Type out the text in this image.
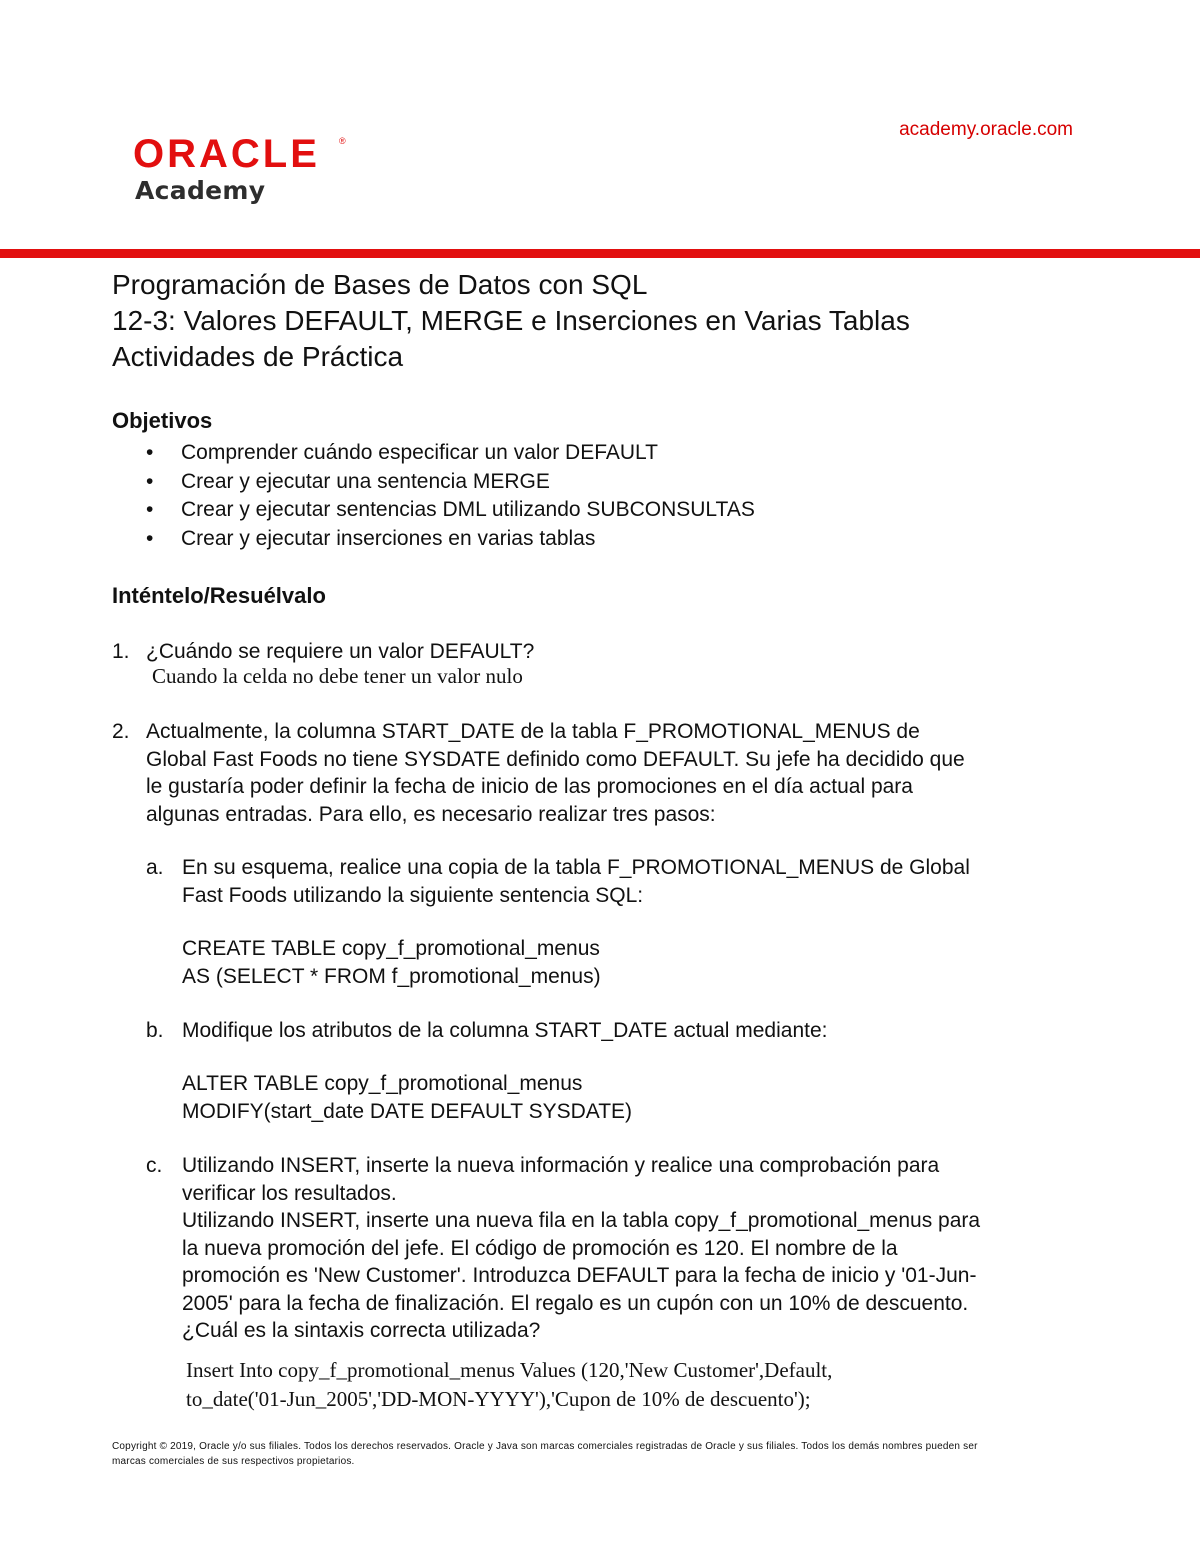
ORACLE ®
Academy
academy.oracle.com
Programación de Bases de Datos con SQL
12-3: Valores DEFAULT, MERGE e Inserciones en Varias Tablas
Actividades de Práctica
Objetivos
• Comprender cuándo especificar un valor DEFAULT
• Crear y ejecutar una sentencia MERGE
• Crear y ejecutar sentencias DML utilizando SUBCONSULTAS
• Crear y ejecutar inserciones en varias tablas
Inténtelo/Resuélvalo
1. ¿Cuándo se requiere un valor DEFAULT?
Cuando la celda no debe tener un valor nulo
2. Actualmente, la columna START_DATE de la tabla F_PROMOTIONAL_MENUS de
Global Fast Foods no tiene SYSDATE definido como DEFAULT. Su jefe ha decidido que
le gustaría poder definir la fecha de inicio de las promociones en el día actual para
algunas entradas. Para ello, es necesario realizar tres pasos:
a. En su esquema, realice una copia de la tabla F_PROMOTIONAL_MENUS de Global
Fast Foods utilizando la siguiente sentencia SQL:
CREATE TABLE copy_f_promotional_menus
AS (SELECT * FROM f_promotional_menus)
b. Modifique los atributos de la columna START_DATE actual mediante:
ALTER TABLE copy_f_promotional_menus
MODIFY(start_date DATE DEFAULT SYSDATE)
c. Utilizando INSERT, inserte la nueva información y realice una comprobación para
verificar los resultados.
Utilizando INSERT, inserte una nueva fila en la tabla copy_f_promotional_menus para
la nueva promoción del jefe. El código de promoción es 120. El nombre de la
promoción es 'New Customer'. Introduzca DEFAULT para la fecha de inicio y '01-Jun-
2005' para la fecha de finalización. El regalo es un cupón con un 10% de descuento.
¿Cuál es la sintaxis correcta utilizada?
Insert Into copy_f_promotional_menus Values (120,'New Customer',Default,
to_date('01-Jun_2005','DD-MON-YYYY'),'Cupon de 10% de descuento');
Copyright © 2019, Oracle y/o sus filiales. Todos los derechos reservados. Oracle y Java son marcas comerciales registradas de Oracle y sus filiales. Todos los demás nombres pueden ser
marcas comerciales de sus respectivos propietarios.
